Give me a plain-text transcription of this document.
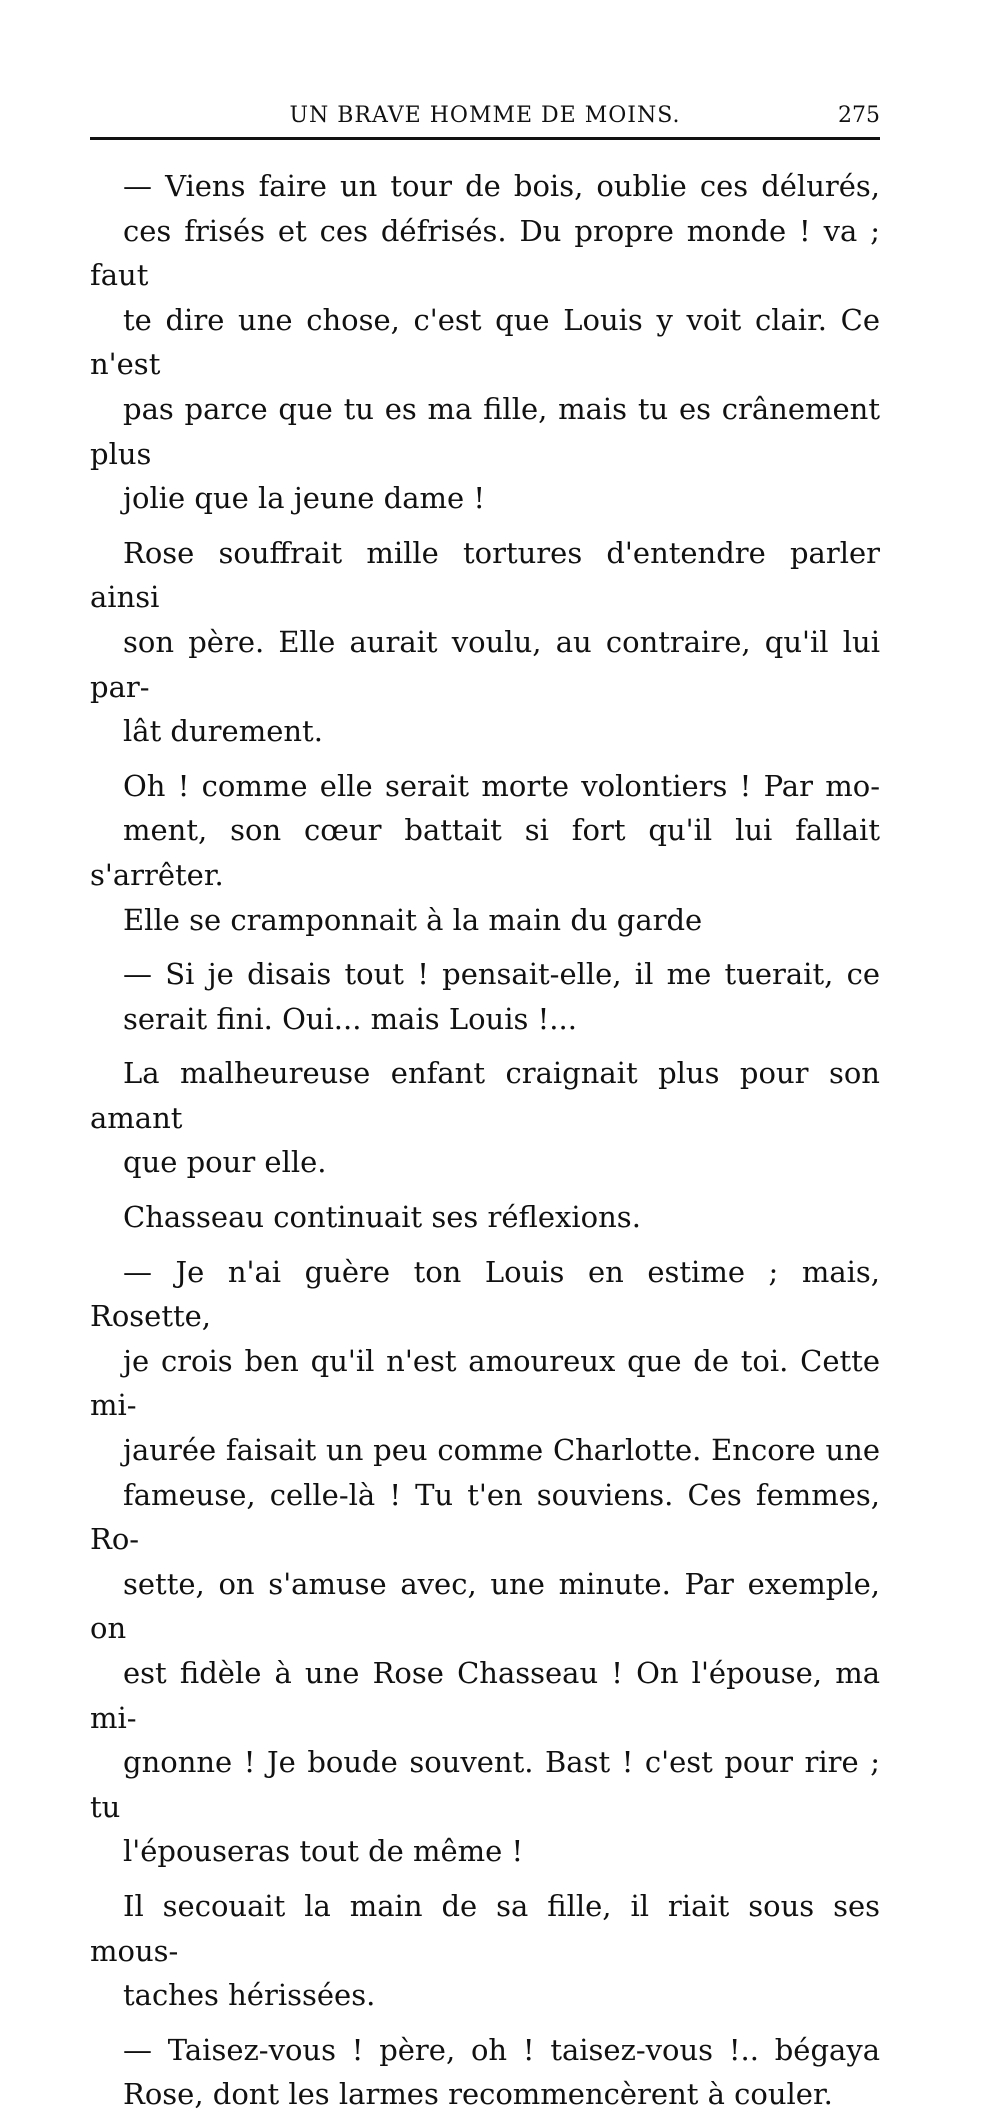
UN BRAVE HOMME DE MOINS.	275

— Viens faire un tour de bois, oublie ces délurés,
ces frisés et ces défrisés. Du propre monde ! va ; faut
te dire une chose, c'est que Louis y voit clair. Ce n'est
pas parce que tu es ma fille, mais tu es crânement plus
jolie que la jeune dame !

Rose souffrait mille tortures d'entendre parler ainsi
son père. Elle aurait voulu, au contraire, qu'il lui par-
lât durement.

Oh ! comme elle serait morte volontiers ! Par mo-
ment, son cœur battait si fort qu'il lui fallait s'arrêter.
Elle se cramponnait à la main du garde

— Si je disais tout ! pensait-elle, il me tuerait, ce
serait fini. Oui... mais Louis !...

La malheureuse enfant craignait plus pour son amant
que pour elle.

Chasseau continuait ses réflexions.

— Je n'ai guère ton Louis en estime ; mais, Rosette,
je crois ben qu'il n'est amoureux que de toi. Cette mi-
jaurée faisait un peu comme Charlotte. Encore une
fameuse, celle-là ! Tu t'en souviens. Ces femmes, Ro-
sette, on s'amuse avec, une minute. Par exemple, on
est fidèle à une Rose Chasseau ! On l'épouse, ma mi-
gnonne ! Je boude souvent. Bast ! c'est pour rire ; tu
l'épouseras tout de même !

Il secouait la main de sa fille, il riait sous ses mous-
taches hérissées.

— Taisez-vous ! père, oh ! taisez-vous !.. bégaya
Rose, dont les larmes recommencèrent à couler.
